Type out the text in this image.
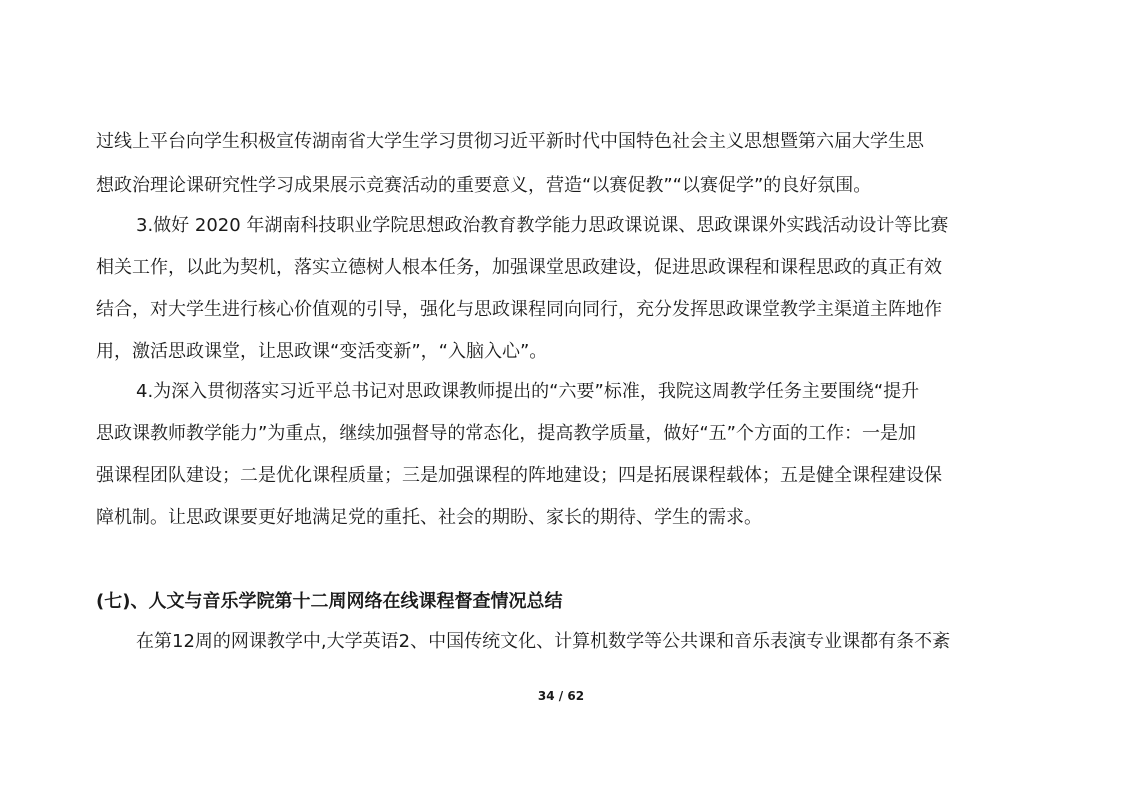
过线上平台向学生积极宣传湖南省大学生学习贯彻习近平新时代中国特色社会主义思想暨第六届大学生思
想政治理论课研究性学习成果展示竞赛活动的重要意义，营造“以赛促教”“以赛促学”的良好氛围。
3.做好 2020 年湖南科技职业学院思想政治教育教学能力思政课说课、思政课课外实践活动设计等比赛
相关工作，以此为契机，落实立德树人根本任务，加强课堂思政建设，促进思政课程和课程思政的真正有效
结合，对大学生进行核心价值观的引导，强化与思政课程同向同行，充分发挥思政课堂教学主渠道主阵地作
用，激活思政课堂，让思政课“变活变新”，“入脑入心”。
4.为深入贯彻落实习近平总书记对思政课教师提出的“六要”标准，我院这周教学任务主要围绕“提升
思政课教师教学能力”为重点，继续加强督导的常态化，提高教学质量，做好“五”个方面的工作：一是加
强课程团队建设；二是优化课程质量；三是加强课程的阵地建设；四是拓展课程载体；五是健全课程建设保
障机制。让思政课要更好地满足党的重托、社会的期盼、家长的期待、学生的需求。
(七)、人文与音乐学院第十二周网络在线课程督查情况总结
在第12周的网课教学中,大学英语2、中国传统文化、计算机数学等公共课和音乐表演专业课都有条不紊
34 / 62
